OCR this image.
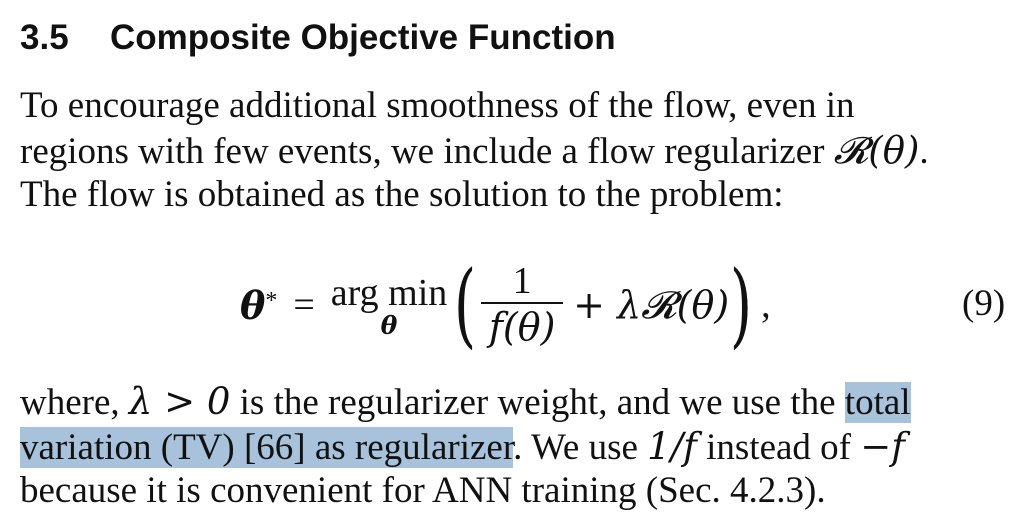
3.5 Composite Objective Function
To encourage additional smoothness of the flow, even in
regions with few events, we include a flow regularizer 𝓡(θ).
The flow is obtained as the solution to the problem:
θ * = arg min
θ ( $\frac{1}{f(\theta)}$ + λ𝓡(θ) ) ,	(9)
where, λ > 0 is the regularizer weight, and we use the total
variation (TV) [66] as regularizer. We use 1/f instead of −f
because it is convenient for ANN training (Sec. 4.2.3).
